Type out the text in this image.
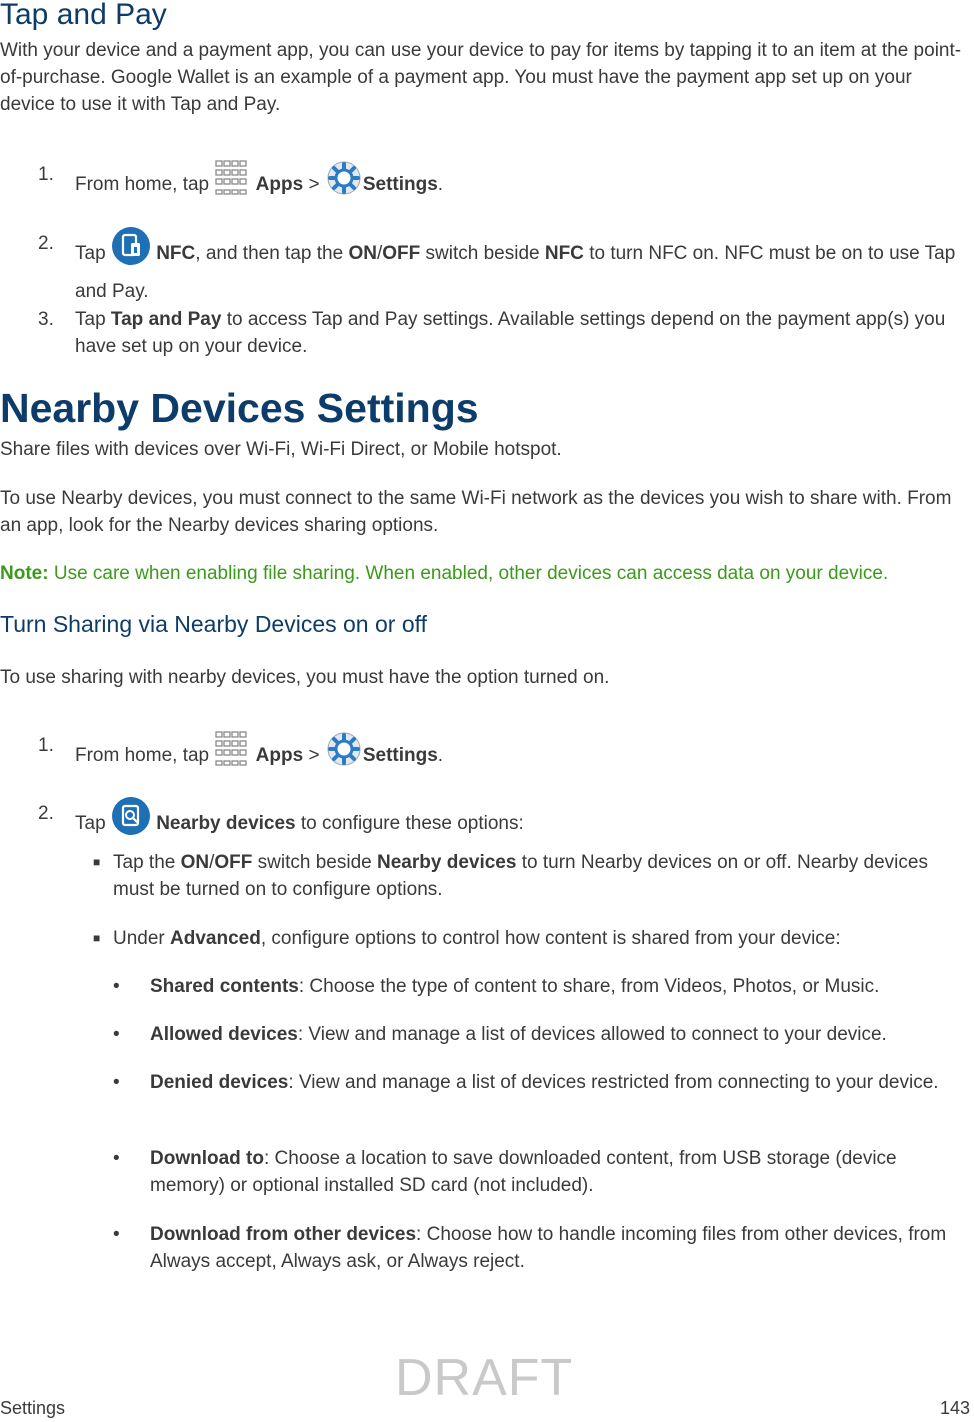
Tap and Pay
With your device and a payment app, you can use your device to pay for items by tapping it to an item at the point-of-purchase. Google Wallet is an example of a payment app. You must have the payment app set up on your device to use it with Tap and Pay.
1. From home, tap Apps > Settings.
2. Tap	NFC, and then tap the ON/OFF switch beside NFC to turn NFC on. NFC must be on to use Tap and Pay.
3. Tap Tap and Pay to access Tap and Pay settings. Available settings depend on the payment app(s) you have set up on your device.
Nearby Devices Settings
Share files with devices over Wi-Fi, Wi-Fi Direct, or Mobile hotspot.
To use Nearby devices, you must connect to the same Wi-Fi network as the devices you wish to share with. From an app, look for the Nearby devices sharing options.
Note: Use care when enabling file sharing. When enabled, other devices can access data on your device.
Turn Sharing via Nearby Devices on or off
To use sharing with nearby devices, you must have the option turned on.
1. From home, tap Apps > Settings.
2. Tap	Nearby devices to configure these options:
■ Tap the ON/OFF switch beside Nearby devices to turn Nearby devices on or off. Nearby devices must be turned on to configure options.
■ Under Advanced, configure options to control how content is shared from your device:
• Shared contents: Choose the type of content to share, from Videos, Photos, or Music.
• Allowed devices: View and manage a list of devices allowed to connect to your device.
• Denied devices: View and manage a list of devices restricted from connecting to your device.
• Download to: Choose a location to save downloaded content, from USB storage (device memory) or optional installed SD card (not included).
• Download from other devices: Choose how to handle incoming files from other devices, from Always accept, Always ask, or Always reject.
DRAFT
Settings	143
